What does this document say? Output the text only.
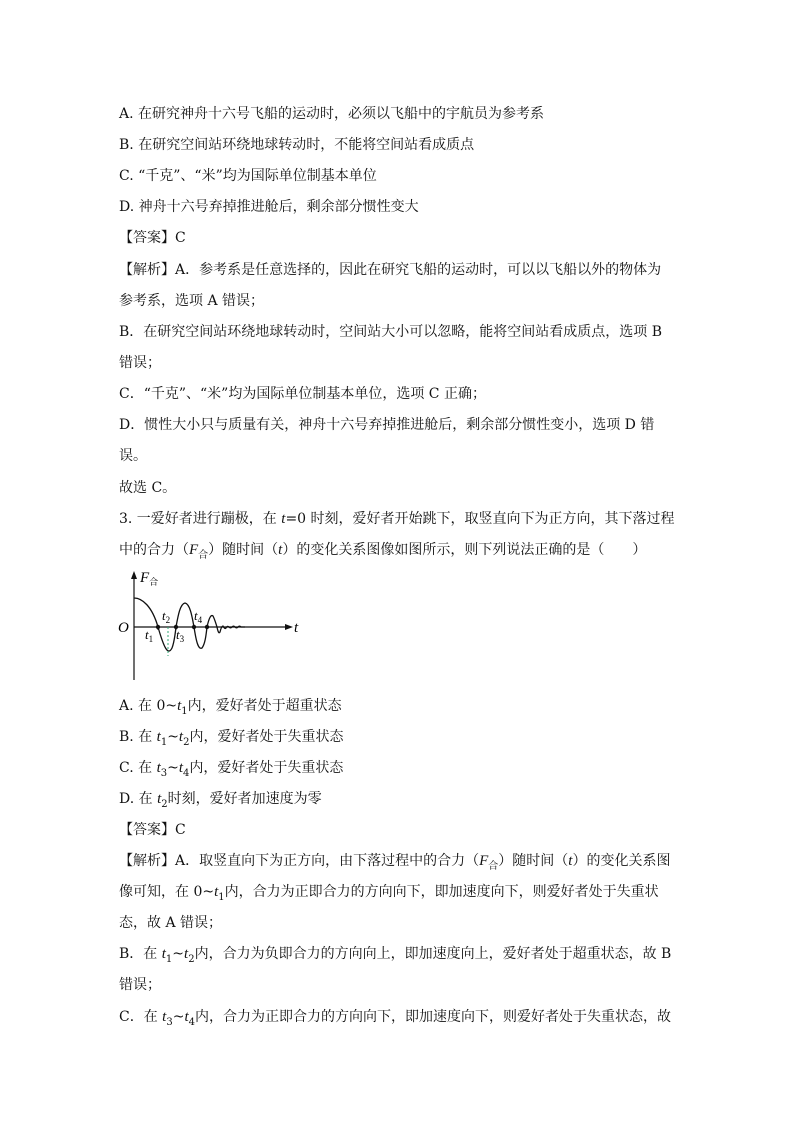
A. 在研究神舟十六号飞船的运动时，必须以飞船中的宇航员为参考系
B. 在研究空间站环绕地球转动时，不能将空间站看成质点
C. “千克”、“米”均为国际单位制基本单位
D. 神舟十六号弃掉推进舱后，剩余部分惯性变大
【答案】C
【解析】A．参考系是任意选择的，因此在研究飞船的运动时，可以以飞船以外的物体为
参考系，选项 A 错误；
B．在研究空间站环绕地球转动时，空间站大小可以忽略，能将空间站看成质点，选项 B
错误；
C．“千克”、“米”均为国际单位制基本单位，选项 C 正确；
D．惯性大小只与质量有关，神舟十六号弃掉推进舱后，剩余部分惯性变小，选项 D 错
误。
故选 C。
3. 一爱好者进行蹦极，在 t=0 时刻，爱好者开始跳下，取竖直向下为正方向，其下落过程
中的合力$(F_合)$随时间（t）的变化关系图像如图所示，则下列说法正确的是（　　）
$F_合$
O	t
$t_1$
$t_2$
$t_3$
$t_4$
A. 在 $0\sim t_1$内，爱好者处于超重状态
B. 在 $t_1\sim t_2$内，爱好者处于失重状态
C. 在 $t_3\sim t_4$内，爱好者处于失重状态
D. 在 $t_2$时刻，爱好者加速度为零
【答案】C
【解析】A．取竖直向下为正方向，由下落过程中的合力$(F_合)$随时间（t）的变化关系图
像可知，在 $0\sim t_1$内，合力为正即合力的方向向下，即加速度向下，则爱好者处于失重状
态，故 A 错误；
B．在 $t_1\sim t_2$内，合力为负即合力的方向向上，即加速度向上，爱好者处于超重状态，故 B
错误；
C．在 $t_3\sim t_4$内，合力为正即合力的方向向下，即加速度向下，则爱好者处于失重状态，故
